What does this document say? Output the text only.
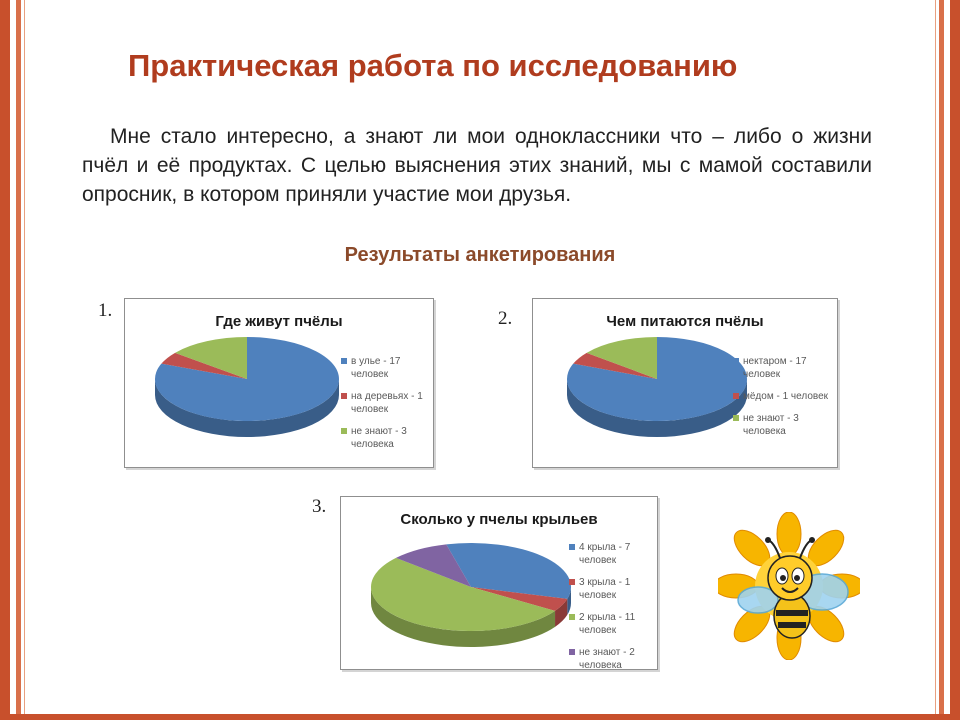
Практическая работа по исследованию
Мне стало интересно, а знают ли мои одноклассники что – либо о жизни пчёл и её продуктах. С целью выяснения этих знаний, мы с мамой составили опросник, в котором приняли участие мои друзья.
Результаты анкетирования
1.	2.
3.
Где живут пчёлы
в улье - 17 человек
на деревьях - 1 человек
не знают - 3 человека
Чем питаются пчёлы
нектаром - 17 человек
мёдом - 1 человек
не знают - 3 человека
Сколько у пчелы крыльев
4 крыла - 7 человек
3 крыла - 1 человек
2 крыла - 11 человек
не знают - 2 человека
